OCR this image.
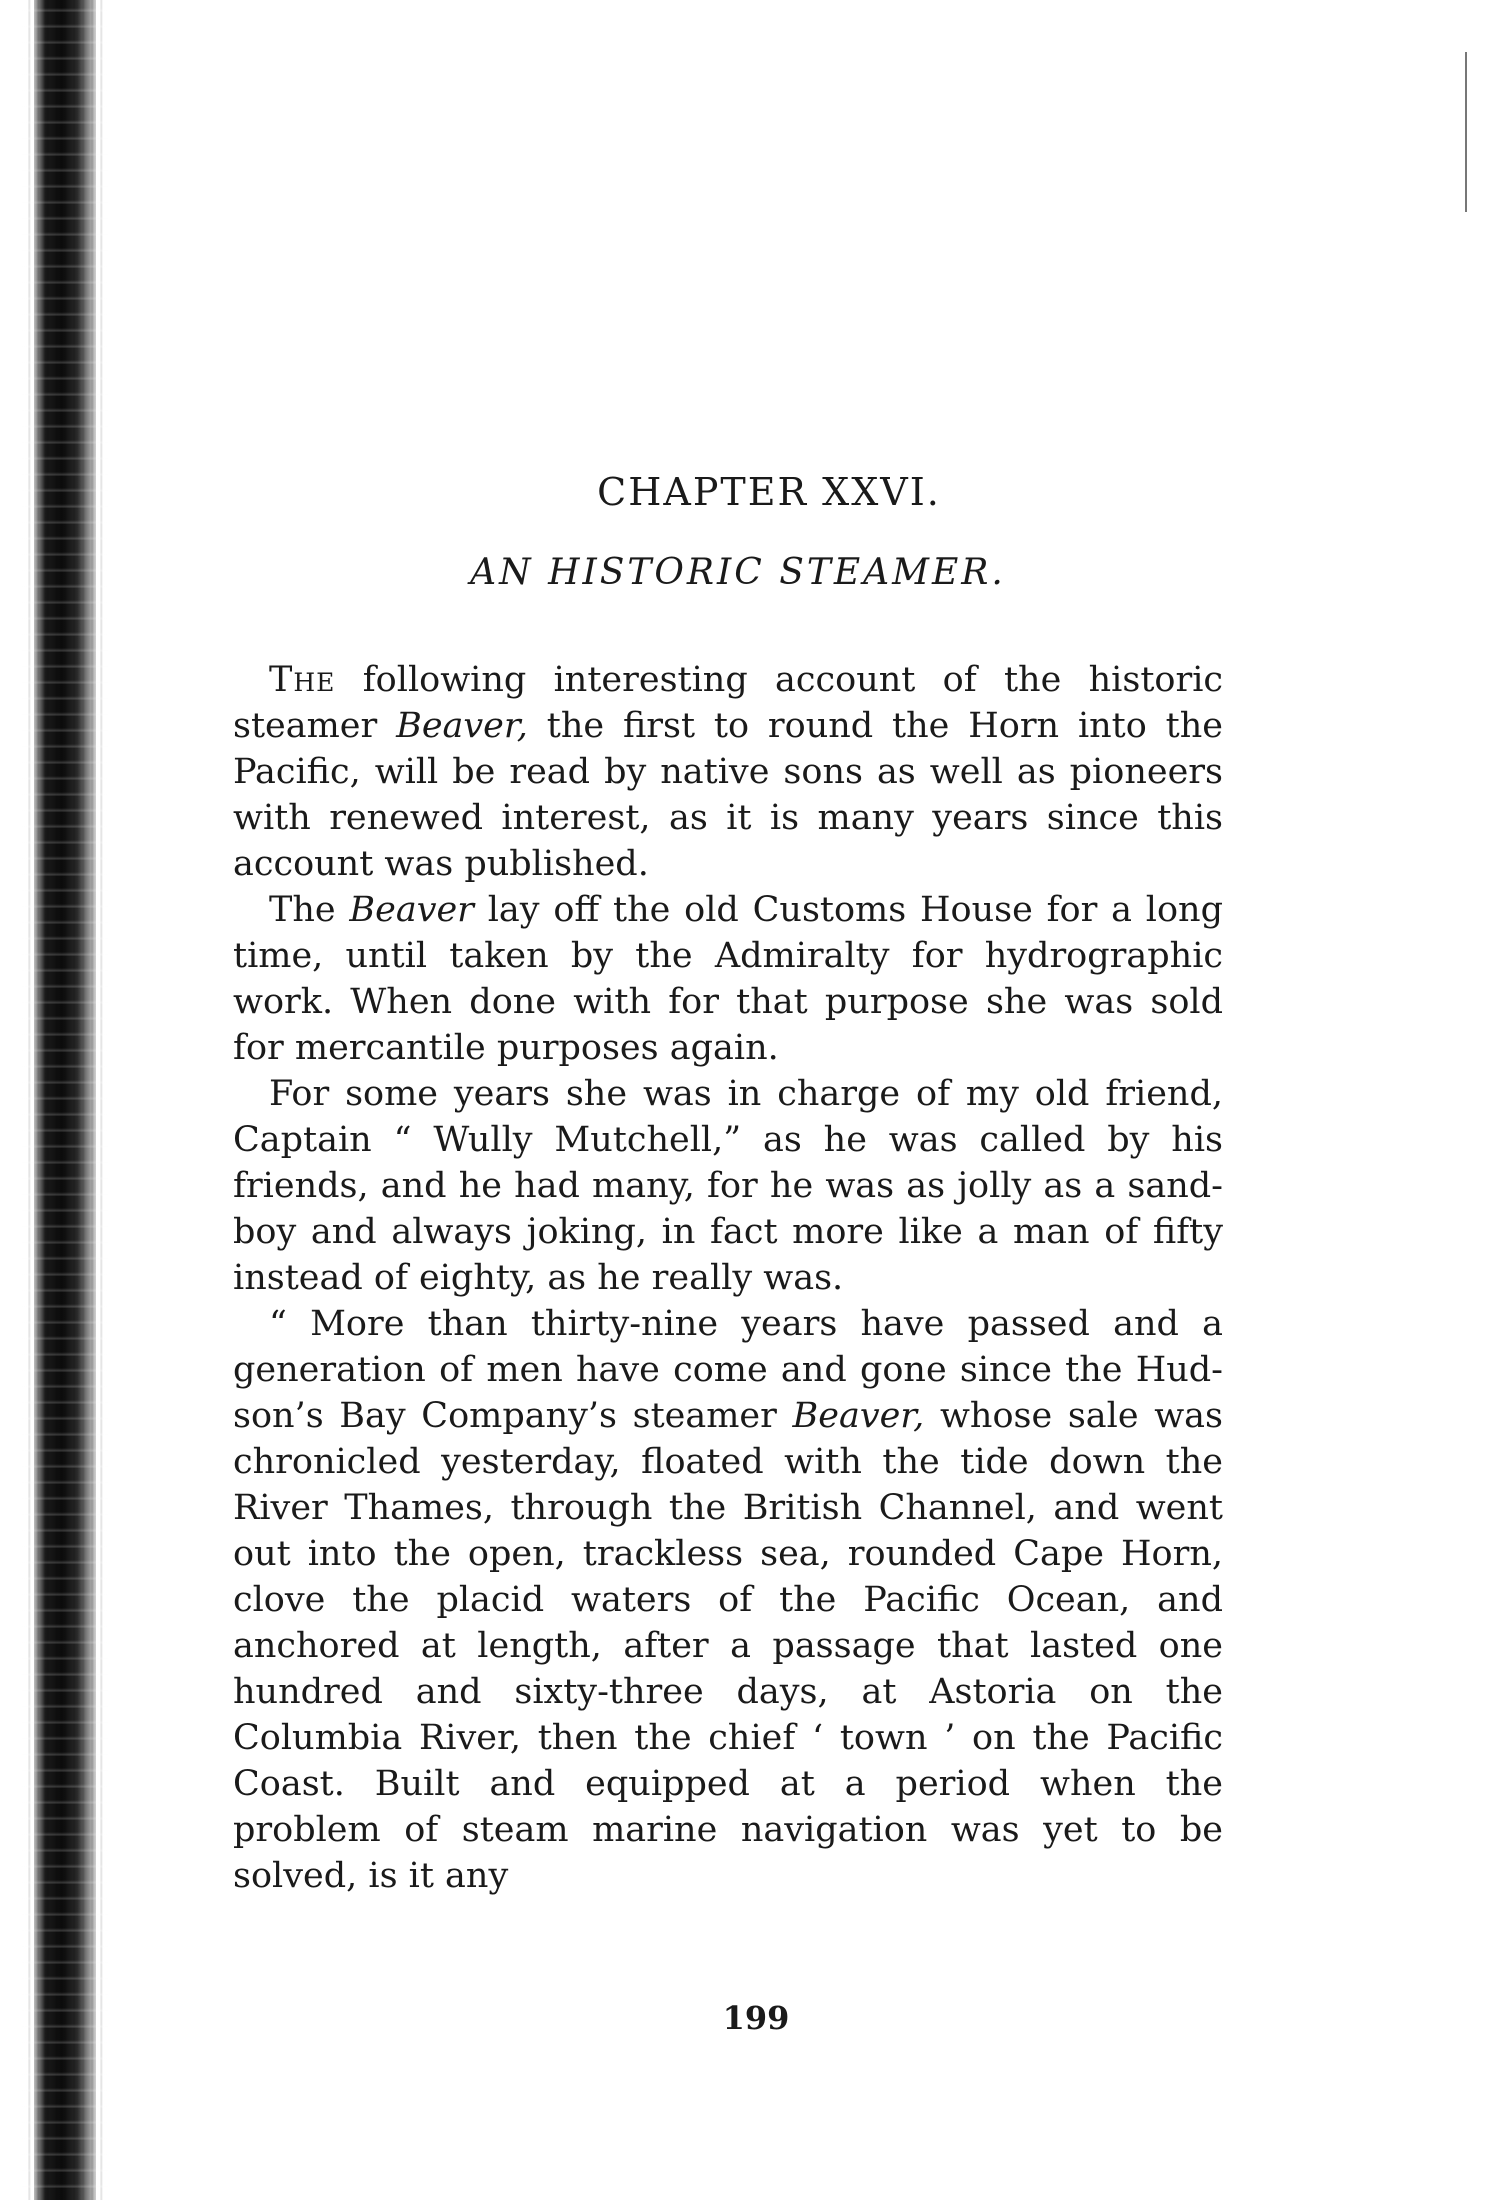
CHAPTER XXVI.
AN HISTORIC STEAMER.

The following interesting account of the historic steamer Beaver, the first to round the Horn into the Pacific, will be read by native sons as well as pioneers with renewed interest, as it is many years since this account was published.

The Beaver lay off the old Customs House for a long time, until taken by the Admiralty for hydrographic work. When done with for that purpose she was sold for mercantile purposes again.

For some years she was in charge of my old friend, Captain “ Wully Mutchell,” as he was called by his friends, and he had many, for he was as jolly as a sandboy and always joking, in fact more like a man of fifty instead of eighty, as he really was.

“ More than thirty-nine years have passed and a generation of men have come and gone since the Hudson’s Bay Company’s steamer Beaver, whose sale was chronicled yesterday, floated with the tide down the River Thames, through the British Channel, and went out into the open, trackless sea, rounded Cape Horn, clove the placid waters of the Pacific Ocean, and anchored at length, after a passage that lasted one hundred and sixty-three days, at Astoria on the Columbia River, then the chief ‘ town ’ on the Pacific Coast. Built and equipped at a period when the problem of steam marine navigation was yet to be solved, is it any

199
